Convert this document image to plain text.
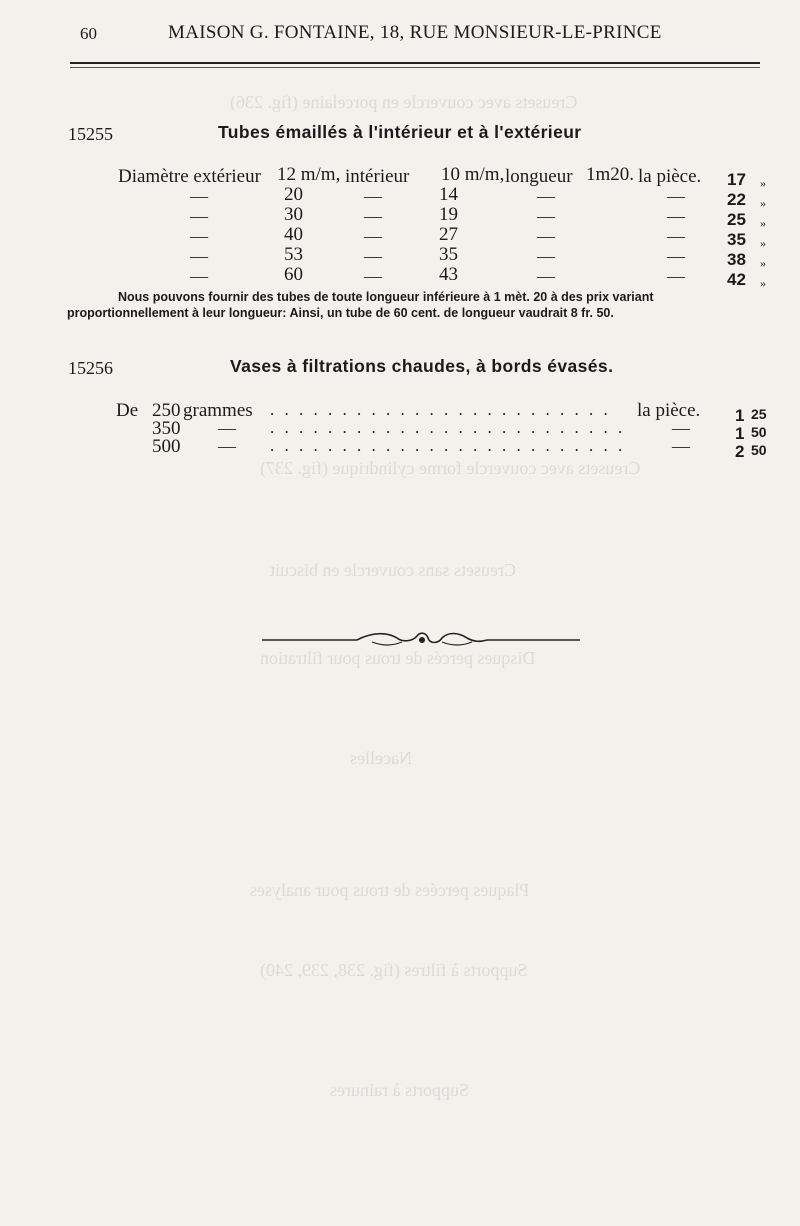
Creusets avec couvercle en porcelaine (fig. 236)
Creusets avec couvercle forme cylindrique (fig. 237)
Creusets sans couvercle en biscuit
Disques percés de trous pour filtration
Nacelles
Plaques percées de trous pour analyses
Supports à filtres (fig. 238, 239, 240)
Supports à rainures
60	MAISON G. FONTAINE, 18, RUE MONSIEUR-LE-PRINCE
15255	Tubes émaillés à l'intérieur et à l'extérieur
Diamètre extérieur 12 m/m, intérieur 10 m/m, longueur 1m20. la pièce. 17 »
—	20	—	14	—	— 22 »
—	30	—	19	—	— 25 »
—	40	—	27	—	— 35 »
—	53	—	35	—	— 38 »
—	60	—	43	—	— 42 »
Nous pouvons fournir des tubes de toute longueur inférieure à 1 mèt. 20 à des prix variant
proportionnellement à leur longueur: Ainsi, un tube de 60 cent. de longueur vaudrait 8 fr. 50.
15256	Vases à filtrations chaudes, à bords évasés.
De 250 grammes . . . . . . . . . . . . . . . . . . . . . . . . la pièce. 1 25
350 — . . . . . . . . . . . . . . . . . . . . . . . . .	—	1 50
500 — . . . . . . . . . . . . . . . . . . . . . . . . .	—	2 50
